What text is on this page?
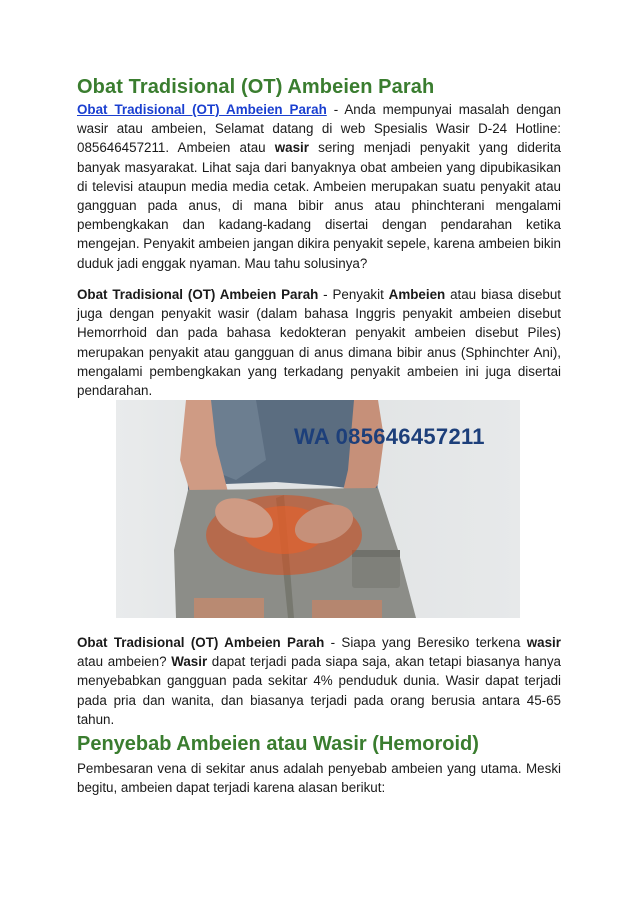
Obat Tradisional (OT) Ambeien Parah

Obat Tradisional (OT) Ambeien Parah - Anda mempunyai masalah dengan wasir atau ambeien, Selamat datang di web Spesialis Wasir D-24 Hotline: 085646457211. Ambeien atau wasir sering menjadi penyakit yang diderita banyak masyarakat. Lihat saja dari banyaknya obat ambeien yang dipubikasikan di televisi ataupun media media cetak. Ambeien merupakan suatu penyakit atau gangguan pada anus, di mana bibir anus atau phinchterani mengalami pembengkakan dan kadang-kadang disertai dengan pendarahan ketika mengejan. Penyakit ambeien jangan dikira penyakit sepele, karena ambeien bikin duduk jadi enggak nyaman. Mau tahu solusinya?

Obat Tradisional (OT) Ambeien Parah - Penyakit Ambeien atau biasa disebut juga dengan penyakit wasir (dalam bahasa Inggris penyakit ambeien disebut Hemorrhoid dan pada bahasa kedokteran penyakit ambeien disebut Piles) merupakan penyakit atau gangguan di anus dimana bibir anus (Sphinchter Ani), mengalami pembengkakan yang terkadang penyakit ambeien ini juga disertai pendarahan.

Obat Tradisional (OT) Ambeien Parah - Siapa yang Beresiko terkena wasir atau ambeien? Wasir dapat terjadi pada siapa saja, akan tetapi biasanya hanya menyebabkan gangguan pada sekitar 4% penduduk dunia. Wasir dapat terjadi pada pria dan wanita, dan biasanya terjadi pada orang berusia antara 45-65 tahun.

Penyebab Ambeien atau Wasir (Hemoroid)

Pembesaran vena di sekitar anus adalah penyebab ambeien yang utama. Meski begitu, ambeien dapat terjadi karena alasan berikut:

WA 085646457211
